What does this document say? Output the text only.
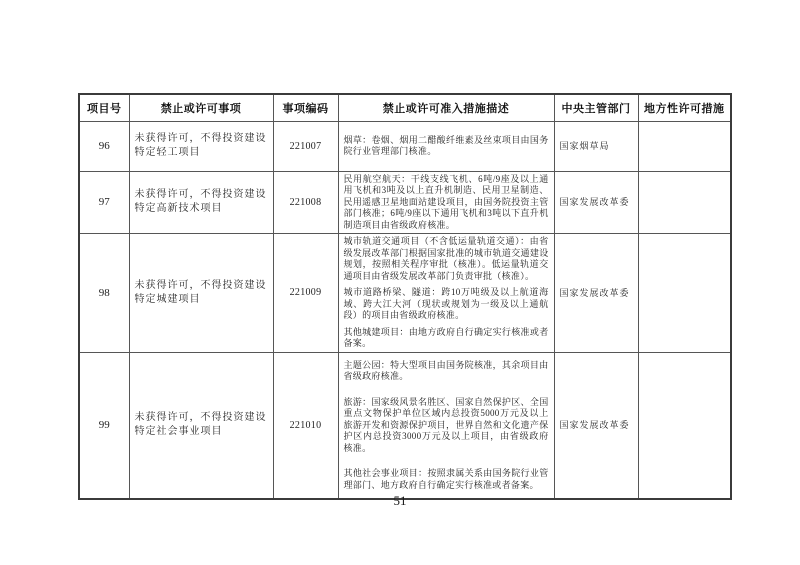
项目号	禁止或许可事项	事项编码	禁止或许可准入措施描述	中央主管部门	地方性许可措施
96	未获得许可，不得投资建设特定轻工项目	221007	烟草：卷烟、烟用二醋酸纤维素及丝束项目由国务院行业管理部门核准。	国家烟草局	
97	未获得许可，不得投资建设特定高新技术项目	221008	民用航空航天：干线支线飞机、6吨/9座及以上通用飞机和3吨及以上直升机制造、民用卫星制造、民用遥感卫星地面站建设项目，由国务院投资主管部门核准；6吨/9座以下通用飞机和3吨以下直升机制造项目由省级政府核准。	国家发展改革委	
98	未获得许可，不得投资建设特定城建项目	221009	城市轨道交通项目（不含低运量轨道交通）：由省级发展改革部门根据国家批准的城市轨道交通建设规划，按照相关程序审批（核准）。低运量轨道交通项目由省级发展改革部门负责审批（核准）。

城市道路桥梁、隧道：跨10万吨级及以上航道海域、跨大江大河（现状或规划为一级及以上通航段）的项目由省级政府核准。

其他城建项目：由地方政府自行确定实行核准或者备案。	国家发展改革委	
99	未获得许可，不得投资建设特定社会事业项目	221010	主题公园：特大型项目由国务院核准，其余项目由省级政府核准。

旅游：国家级风景名胜区、国家自然保护区、全国重点文物保护单位区域内总投资5000万元及以上旅游开发和资源保护项目，世界自然和文化遗产保护区内总投资3000万元及以上项目，由省级政府核准。

其他社会事业项目：按照隶属关系由国务院行业管理部门、地方政府自行确定实行核准或者备案。	国家发展改革委	
51
